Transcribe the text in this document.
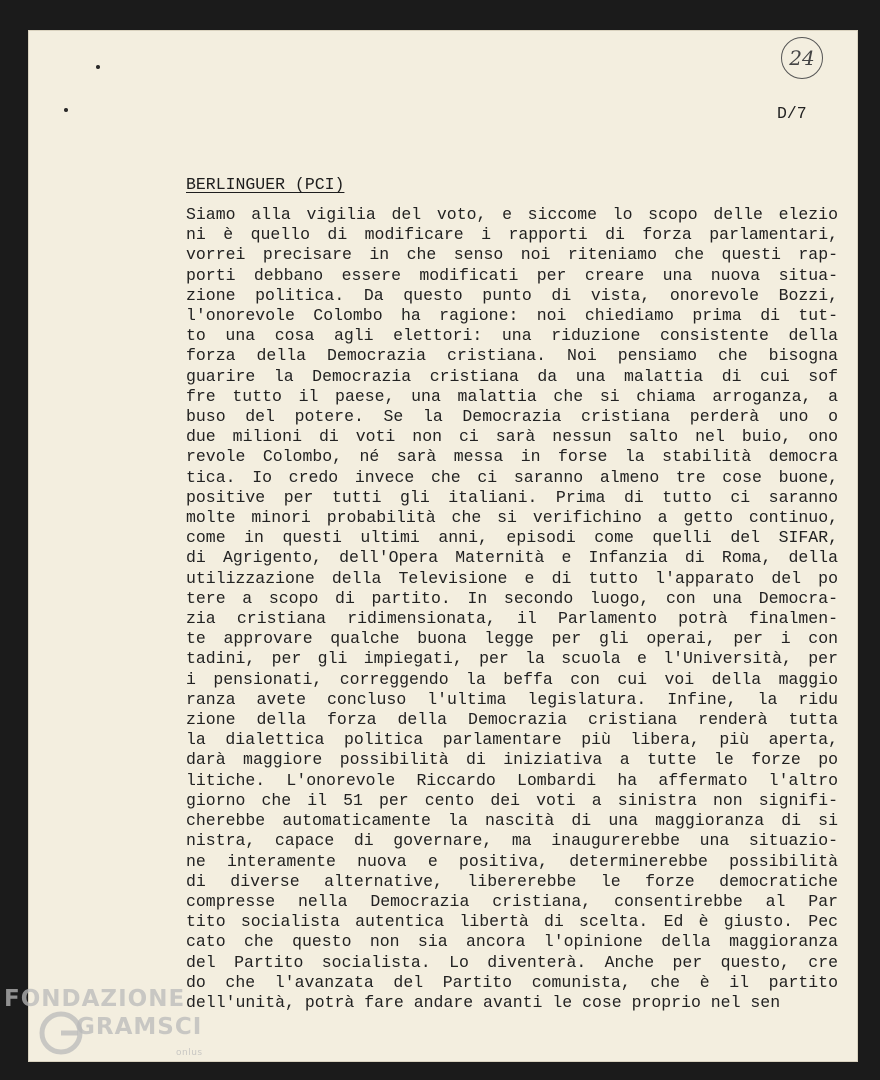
24
D/7
BERLINGUER (PCI)
Siamo alla vigilia del voto, e siccome lo scopo delle elezio
ni è quello di modificare i rapporti di forza parlamentari,
vorrei precisare in che senso noi riteniamo che questi rap-
porti debbano essere modificati per creare una nuova situa-
zione politica. Da questo punto di vista, onorevole Bozzi,
l'onorevole Colombo ha ragione: noi chiediamo prima di tut-
to una cosa agli elettori: una riduzione consistente della
forza della Democrazia cristiana. Noi pensiamo che bisogna
guarire la Democrazia cristiana da una malattia di cui sof
fre tutto il paese, una malattia che si chiama arroganza, a
buso del potere. Se la Democrazia cristiana perderà uno o
due milioni di voti non ci sarà nessun salto nel buio, ono
revole Colombo, né sarà messa in forse la stabilità democra
tica. Io credo invece che ci saranno almeno tre cose buone,
positive per tutti gli italiani. Prima di tutto ci saranno
molte minori probabilità che si verifichino a getto continuo,
come in questi ultimi anni, episodi come quelli del SIFAR,
di Agrigento, dell'Opera Maternità e Infanzia di Roma, della
utilizzazione della Televisione e di tutto l'apparato del po
tere a scopo di partito. In secondo luogo, con una Democra-
zia cristiana ridimensionata, il Parlamento potrà finalmen-
te approvare qualche buona legge per gli operai, per i con
tadini, per gli impiegati, per la scuola e l'Università, per
i pensionati, correggendo la beffa con cui voi della maggio
ranza avete concluso l'ultima legislatura. Infine, la ridu
zione della forza della Democrazia cristiana renderà tutta
la dialettica politica parlamentare più libera, più aperta,
darà maggiore possibilità di iniziativa a tutte le forze po
litiche. L'onorevole Riccardo Lombardi ha affermato l'altro
giorno che il 51 per cento dei voti a sinistra non signifi-
cherebbe automaticamente la nascità di una maggioranza di si
nistra, capace di governare, ma inaugurerebbe una situazio-
ne interamente nuova e positiva, determinerebbe possibilità
di diverse alternative, libererebbe le forze democratiche
compresse nella Democrazia cristiana, consentirebbe al Par
tito socialista autentica libertà di scelta. Ed è giusto. Pec
cato che questo non sia ancora l'opinione della maggioranza
del Partito socialista. Lo diventerà. Anche per questo, cre
do che l'avanzata del Partito comunista, che è il partito
dell'unità, potrà fare andare avanti le cose proprio nel sen
FONDAZIONE
GRAMSCI
onlus
